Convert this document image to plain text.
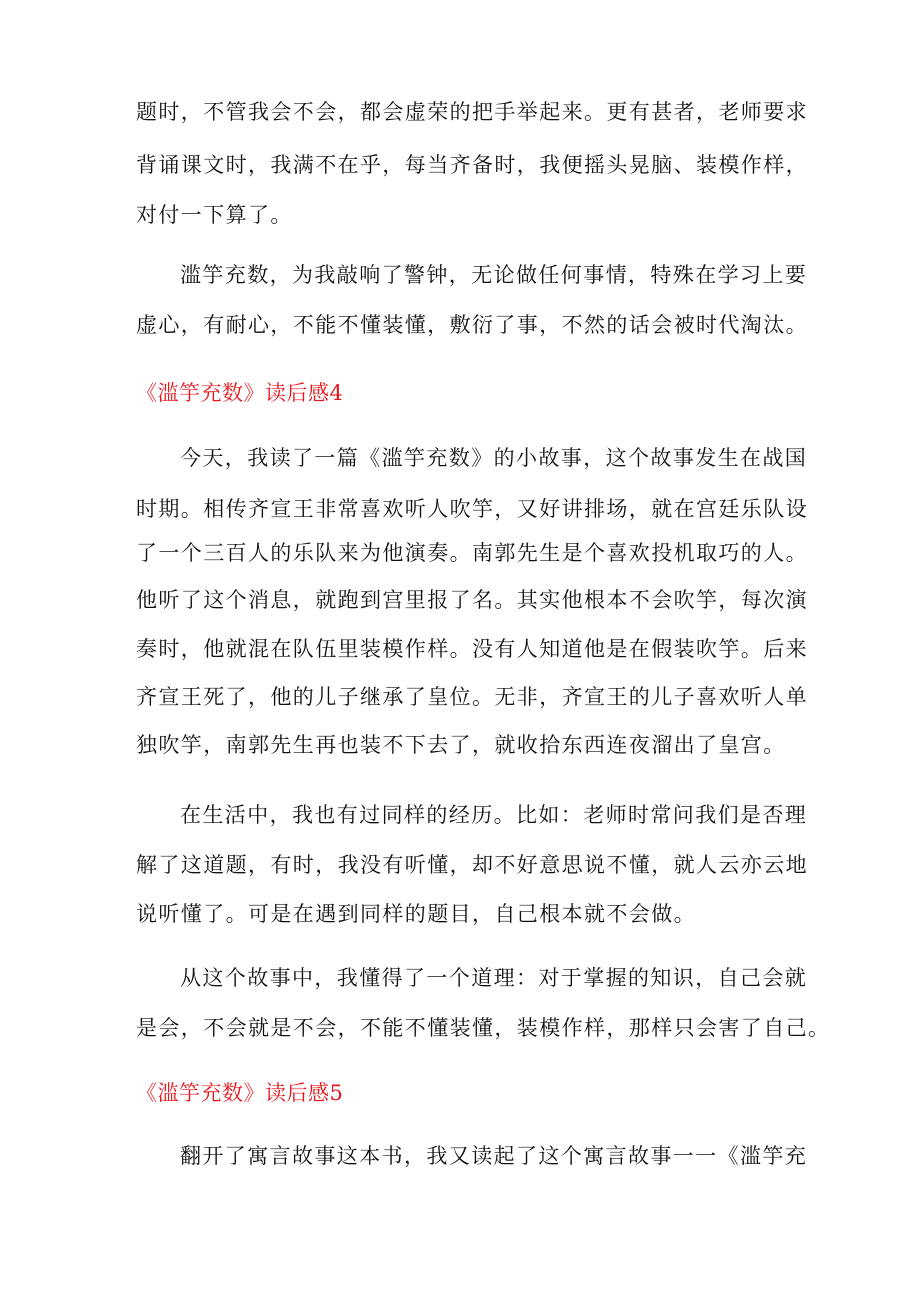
题时，不管我会不会，都会虚荣的把手举起来。更有甚者，老师要求
背诵课文时，我满不在乎，每当齐备时，我便摇头晃脑、装模作样，
对付一下算了。
滥竽充数，为我敲响了警钟，无论做任何事情，特殊在学习上要
虚心，有耐心，不能不懂装懂，敷衍了事，不然的话会被时代淘汰。
《滥竽充数》读后感4
今天，我读了一篇《滥竽充数》的小故事，这个故事发生在战国
时期。相传齐宣王非常喜欢听人吹竽，又好讲排场，就在宫廷乐队设
了一个三百人的乐队来为他演奏。南郭先生是个喜欢投机取巧的人。
他听了这个消息，就跑到宫里报了名。其实他根本不会吹竽，每次演
奏时，他就混在队伍里装模作样。没有人知道他是在假装吹竽。后来
齐宣王死了，他的儿子继承了皇位。无非，齐宣王的儿子喜欢听人单
独吹竽，南郭先生再也装不下去了，就收拾东西连夜溜出了皇宫。
在生活中，我也有过同样的经历。比如：老师时常问我们是否理
解了这道题，有时，我没有听懂，却不好意思说不懂，就人云亦云地
说听懂了。可是在遇到同样的题目，自己根本就不会做。
从这个故事中，我懂得了一个道理：对于掌握的知识，自己会就
是会，不会就是不会，不能不懂装懂，装模作样，那样只会害了自己。
《滥竽充数》读后感5
翻开了寓言故事这本书，我又读起了这个寓言故事一一《滥竽充
